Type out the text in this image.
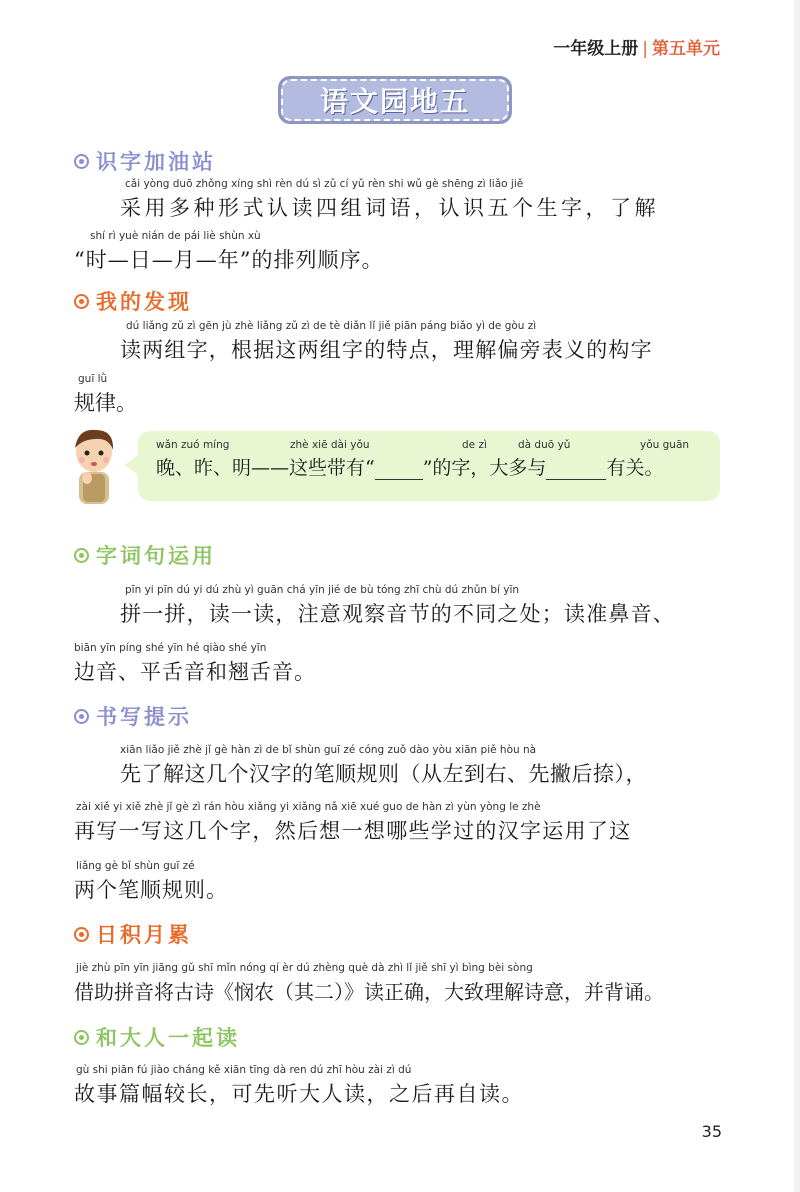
一年级上册 | 第五单元
语文园地五
识字加油站
cǎi yòng duō zhǒng xíng shì rèn dú sì zǔ cí yǔ rèn shi wǔ gè shēng zì liǎo jiě
采用多种形式认读四组词语，认识五个生字，了解
shí rì yuè nián de pái liè shùn xù
“时—日—月—年”的排列顺序。
我的发现
dú liǎng zǔ zì gēn jù zhè liǎng zǔ zì de tè diǎn lǐ jiě piān páng biǎo yì de gòu zì
读两组字，根据这两组字的特点，理解偏旁表义的构字
guī lǜ
规律。
wǎn zuó míng	zhè xiē dài yǒu	de zì	dà duō yǔ	yǒu guān
晚、昨、明——这些带有“	”的字，大多与	有关。
字词句运用
pīn yi pīn dú yi dú zhù yì guān chá yīn jié de bù tóng zhī chù dú zhǔn bí yīn
拼一拼，读一读，注意观察音节的不同之处；读准鼻音、
biān yīn píng shé yīn hé qiào shé yīn
边音、平舌音和翘舌音。
书写提示
xiān liǎo jiě zhè jǐ gè hàn zì de bǐ shùn guī zé cóng zuǒ dào yòu xiān piě hòu nà
先了解这几个汉字的笔顺规则（从左到右、先撇后捺），
zài xiě yi xiě zhè jǐ gè zì rán hòu xiǎng yi xiǎng nǎ xiē xué guo de hàn zì yùn yòng le zhè
再写一写这几个字，然后想一想哪些学过的汉字运用了这
liǎng gè bǐ shùn guī zé
两个笔顺规则。
日积月累
jiè zhù pīn yīn jiāng gǔ shī mǐn nóng qí èr dú zhèng què dà zhì lǐ jiě shī yì bìng bèi sòng
借助拼音将古诗《悯农（其二）》读正确，大致理解诗意，并背诵。
和大人一起读
gù shi piān fú jiào cháng kě xiān tīng dà ren dú zhī hòu zài zì dú
故事篇幅较长，可先听大人读，之后再自读。
35
